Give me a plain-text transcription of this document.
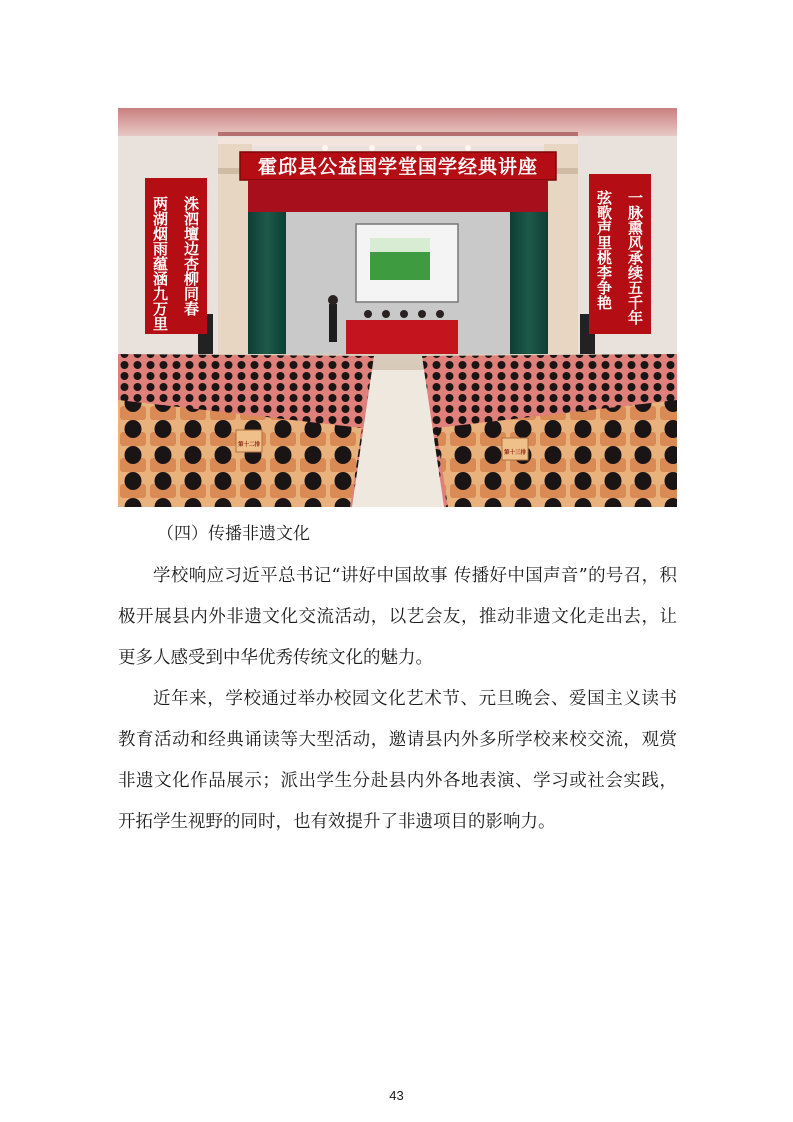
霍邱县公益国学堂国学经典讲座
两湖烟雨蕴涵九万里 洙泗壇边杏柳同春	弦歌声里桃李争艳 一脉熏风承续五千年
第十二排
第十三排
（四）传播非遗文化

学校响应习近平总书记“讲好中国故事 传播好中国声音”的号召，积极开展县内外非遗文化交流活动，以艺会友，推动非遗文化走出去，让更多人感受到中华优秀传统文化的魅力。

近年来，学校通过举办校园文化艺术节、元旦晚会、爱国主义读书教育活动和经典诵读等大型活动，邀请县内外多所学校来校交流，观赏非遗文化作品展示；派出学生分赴县内外各地表演、学习或社会实践，开拓学生视野的同时，也有效提升了非遗项目的影响力。

43
